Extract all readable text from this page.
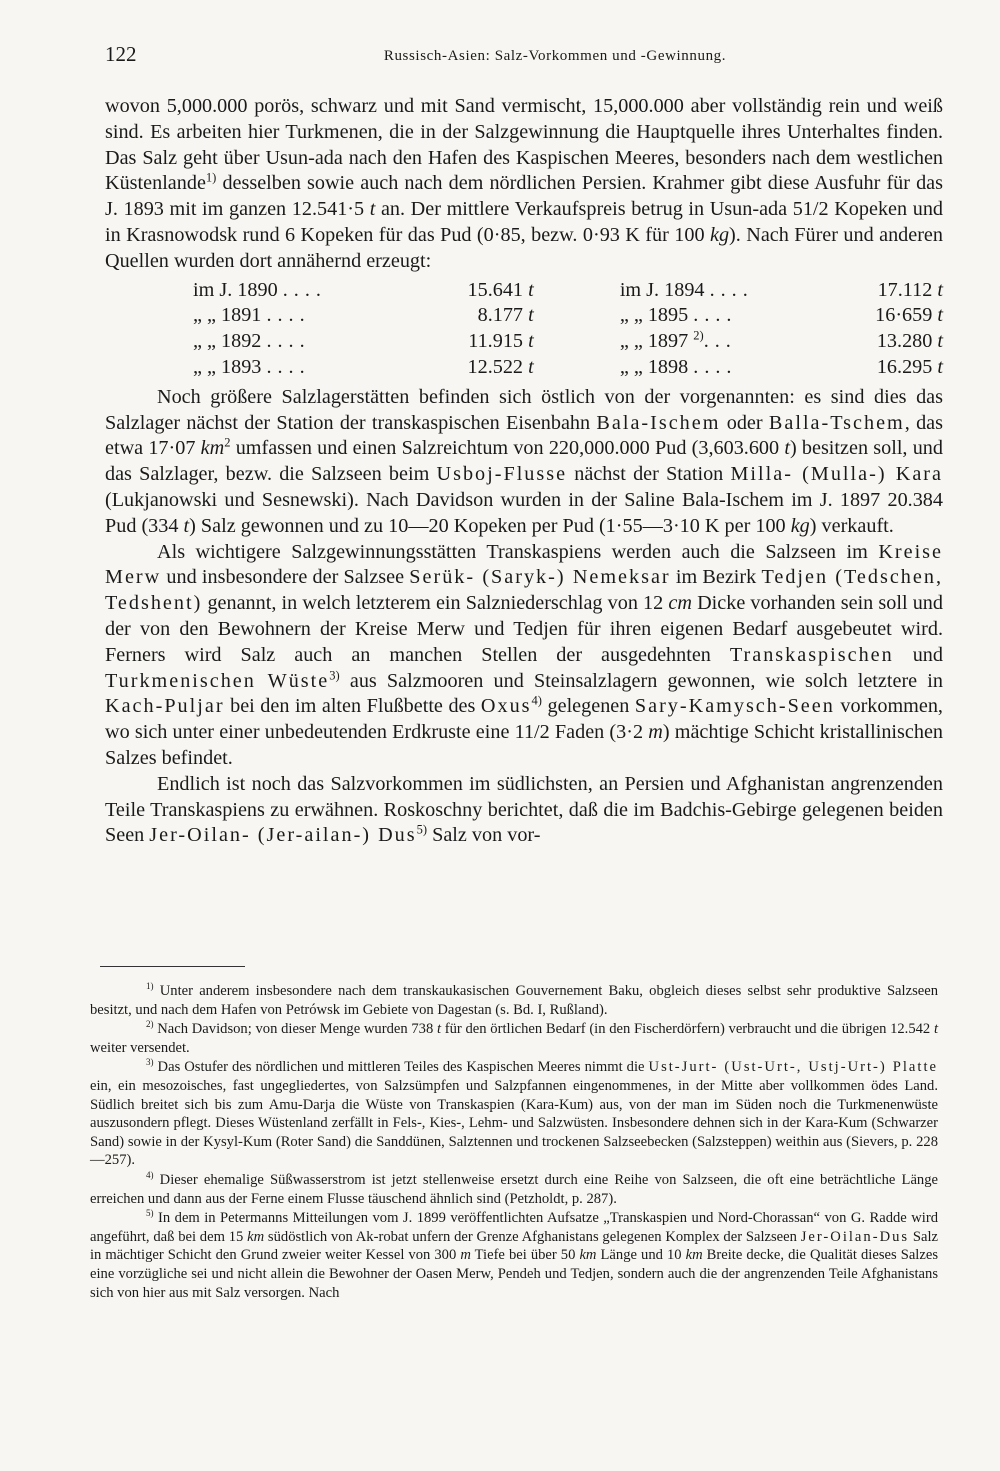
122	Russisch-Asien: Salz-Vorkommen und -Gewinnung.

wovon 5,000.000 porös, schwarz und mit Sand vermischt, 15,000.000 aber vollständig rein und weiß sind. Es arbeiten hier Turkmenen, die in der Salzgewinnung die Hauptquelle ihres Unterhaltes finden. Das Salz geht über Usun-ada nach den Hafen des Kaspischen Meeres, besonders nach dem westlichen Küstenlande$^{1)}$ desselben sowie auch nach dem nördlichen Persien. Krahmer gibt diese Ausfuhr für das J. 1893 mit im ganzen 12.541·5 t an. Der mittlere Verkaufspreis betrug in Usun-ada 51/2 Kopeken und in Krasnowodsk rund 6 Kopeken für das Pud (0·85, bezw. 0·93 K für 100 kg). Nach Fürer und anderen Quellen wurden dort annähernd erzeugt:

im J. 1890 ....	15.641 t		im J. 1894 ....	17.112 t
„ „ 1891 ....	8.177 t		„ „ 1895 ....	16·659 t
„ „ 1892 ....	11.915 t		„ „ 1897 $^{2)}$...	13.280 t
„ „ 1893 ....	12.522 t		„ „ 1898 ....	16.295 t

Noch größere Salzlagerstätten befinden sich östlich von der vorgenannten: es sind dies das Salzlager nächst der Station der transkaspischen Eisenbahn Bala-Ischem oder Balla-Tschem, das etwa 17·07 $km^2$ umfassen und einen Salzreichtum von 220,000.000 Pud (3,603.600 t) besitzen soll, und das Salzlager, bezw. die Salzseen beim Usboj-Flusse nächst der Station Milla- (Mulla-) Kara (Lukjanowski und Sesnewski). Nach Davidson wurden in der Saline Bala-Ischem im J. 1897 20.384 Pud (334 t) Salz gewonnen und zu 10—20 Kopeken per Pud (1·55—3·10 K per 100 kg) verkauft.

Als wichtigere Salzgewinnungsstätten Transkaspiens werden auch die Salzseen im Kreise Merw und insbesondere der Salzsee Serük- (Saryk-) Nemeksar im Bezirk Tedjen (Tedschen, Tedshent) genannt, in welch letzterem ein Salzniederschlag von 12 cm Dicke vorhanden sein soll und der von den Bewohnern der Kreise Merw und Tedjen für ihren eigenen Bedarf ausgebeutet wird. Ferners wird Salz auch an manchen Stellen der ausgedehnten Transkaspischen und Turkmenischen Wüste$^{3)}$ aus Salzmooren und Steinsalzlagern gewonnen, wie solch letztere in Kach-Puljar bei den im alten Flußbette des Oxus$^{4)}$ gelegenen Sary-Kamysch-Seen vorkommen, wo sich unter einer unbedeutenden Erdkruste eine 11/2 Faden (3·2 m) mächtige Schicht kristallinischen Salzes befindet.

Endlich ist noch das Salzvorkommen im südlichsten, an Persien und Afghanistan angrenzenden Teile Transkaspiens zu erwähnen. Roskoschny berichtet, daß die im Badchis-Gebirge gelegenen beiden Seen Jer-Oilan- (Jer-ailan-) Dus$^{5)}$ Salz von vor-

$^{1)}$ Unter anderem insbesondere nach dem transkaukasischen Gouvernement Baku, obgleich dieses selbst sehr produktive Salzseen besitzt, und nach dem Hafen von Petrówsk im Gebiete von Dagestan (s. Bd. I, Rußland).

$^{2)}$ Nach Davidson; von dieser Menge wurden 738 t für den örtlichen Bedarf (in den Fischerdörfern) verbraucht und die übrigen 12.542 t weiter versendet.

$^{3)}$ Das Ostufer des nördlichen und mittleren Teiles des Kaspischen Meeres nimmt die Ust-Jurt- (Ust-Urt-, Ustj-Urt-) Platte ein, ein mesozoisches, fast ungegliedertes, von Salzsümpfen und Salzpfannen eingenommenes, in der Mitte aber vollkommen ödes Land. Südlich breitet sich bis zum Amu-Darja die Wüste von Transkaspien (Kara-Kum) aus, von der man im Süden noch die Turkmenenwüste auszusondern pflegt. Dieses Wüstenland zerfällt in Fels-, Kies-, Lehm- und Salzwüsten. Insbesondere dehnen sich in der Kara-Kum (Schwarzer Sand) sowie in der Kysyl-Kum (Roter Sand) die Sanddünen, Salztennen und trockenen Salzseebecken (Salzsteppen) weithin aus (Sievers, p. 228—257).

$^{4)}$ Dieser ehemalige Süßwasserstrom ist jetzt stellenweise ersetzt durch eine Reihe von Salzseen, die oft eine beträchtliche Länge erreichen und dann aus der Ferne einem Flusse täuschend ähnlich sind (Petzholdt, p. 287).

$^{5)}$ In dem in Petermanns Mitteilungen vom J. 1899 veröffentlichten Aufsatze „Transkaspien und Nord-Chorassan“ von G. Radde wird angeführt, daß bei dem 15 km südöstlich von Ak-robat unfern der Grenze Afghanistans gelegenen Komplex der Salzseen Jer-Oilan-Dus Salz in mächtiger Schicht den Grund zweier weiter Kessel von 300 m Tiefe bei über 50 km Länge und 10 km Breite decke, die Qualität dieses Salzes eine vorzügliche sei und nicht allein die Bewohner der Oasen Merw, Pendeh und Tedjen, sondern auch die der angrenzenden Teile Afghanistans sich von hier aus mit Salz versorgen. Nach
